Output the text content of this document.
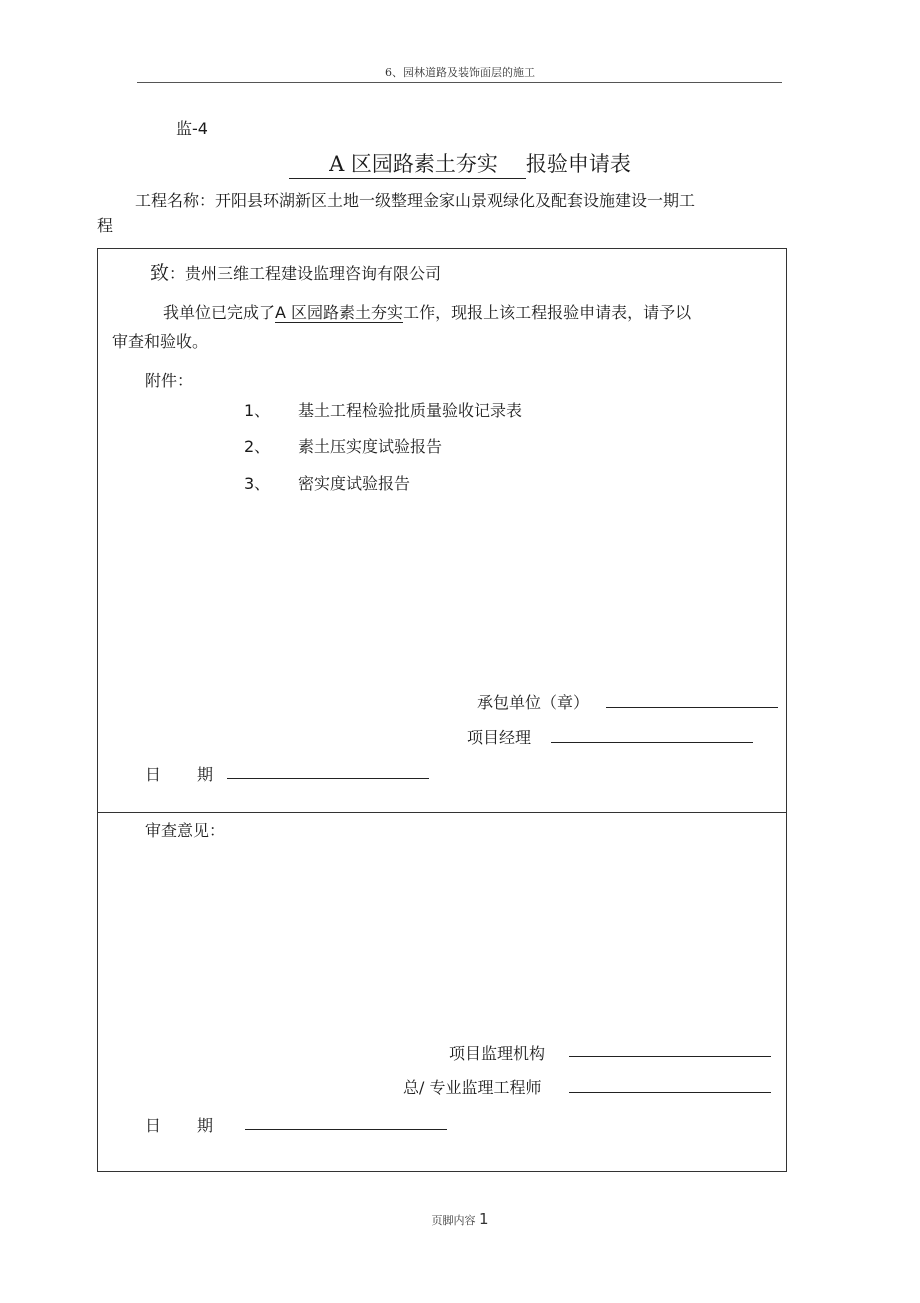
6、园林道路及装饰面层的施工
监-4
A 区园路素土夯实 报验申请表
工程名称：开阳县环湖新区土地一级整理金家山景观绿化及配套设施建设一期工
程
致：贵州三维工程建设监理咨询有限公司
我单位已完成了A 区园路素土夯实工作，现报上该工程报验申请表，请予以
审查和验收。
附件：
1、 基土工程检验批质量验收记录表
2、 素土压实度试验报告
3、 密实度试验报告
承包单位（章）
项目经理
日 期
审查意见：
项目监理机构
总/ 专业监理工程师
日 期
页脚内容 1
